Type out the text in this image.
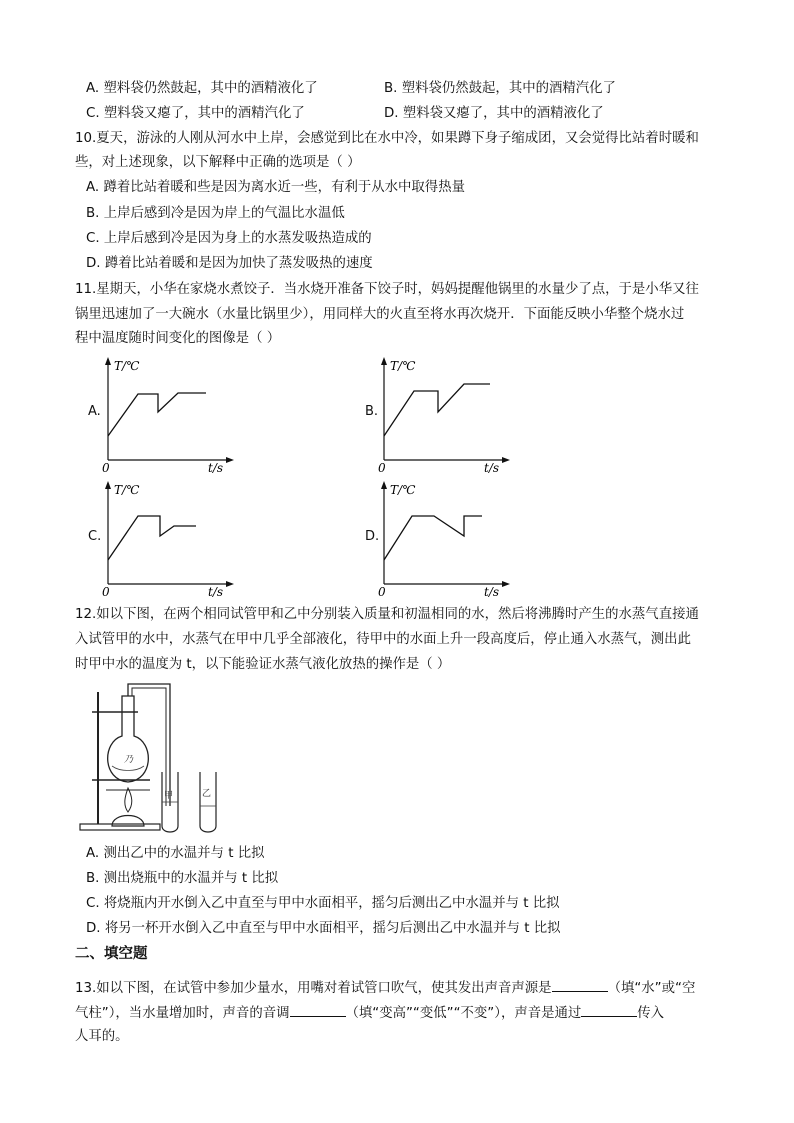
A. 塑料袋仍然鼓起，其中的酒精液化了	B. 塑料袋仍然鼓起，其中的酒精汽化了
C. 塑料袋又瘪了，其中的酒精汽化了	D. 塑料袋又瘪了，其中的酒精液化了
10.夏天，游泳的人刚从河水中上岸，会感觉到比在水中冷，如果蹲下身子缩成团，又会觉得比站着时暖和
些，对上述现象，以下解释中正确的选项是（ ）
A. 蹲着比站着暖和些是因为离水近一些，有利于从水中取得热量
B. 上岸后感到冷是因为岸上的气温比水温低
C. 上岸后感到冷是因为身上的水蒸发吸热造成的
D. 蹲着比站着暖和是因为加快了蒸发吸热的速度
11.星期天，小华在家烧水煮饺子．当水烧开准备下饺子时，妈妈提醒他锅里的水量少了点，于是小华又往
锅里迅速加了一大碗水（水量比锅里少），用同样大的火直至将水再次烧开．下面能反映小华整个烧水过
程中温度随时间变化的图像是（ ）
A.
T/℃
t/s
0
B.
T/℃
t/s
0
C.
T/℃
t/s
0
D.
T/℃
t/s
0
12.如以下图，在两个相同试管甲和乙中分别装入质量和初温相同的水，然后将沸腾时产生的水蒸气直接通
入试管甲的水中，水蒸气在甲中几乎全部液化，待甲中的水面上升一段高度后，停止通入水蒸气，测出此
时甲中水的温度为 t，以下能验证水蒸气液化放热的操作是（ ）
乃
甲	乙
A. 测出乙中的水温并与 t 比拟
B. 测出烧瓶中的水温并与 t 比拟
C. 将烧瓶内开水倒入乙中直至与甲中水面相平，摇匀后测出乙中水温并与 t 比拟
D. 将另一杯开水倒入乙中直至与甲中水面相平，摇匀后测出乙中水温并与 t 比拟
二、填空题
13.如以下图，在试管中参加少量水，用嘴对着试管口吹气，使其发出声音声源是	（填“水”或“空
气柱”），当水量增加时，声音的音调	（填“变高”“变低”“不变”），声音是通过	传入
人耳的。
